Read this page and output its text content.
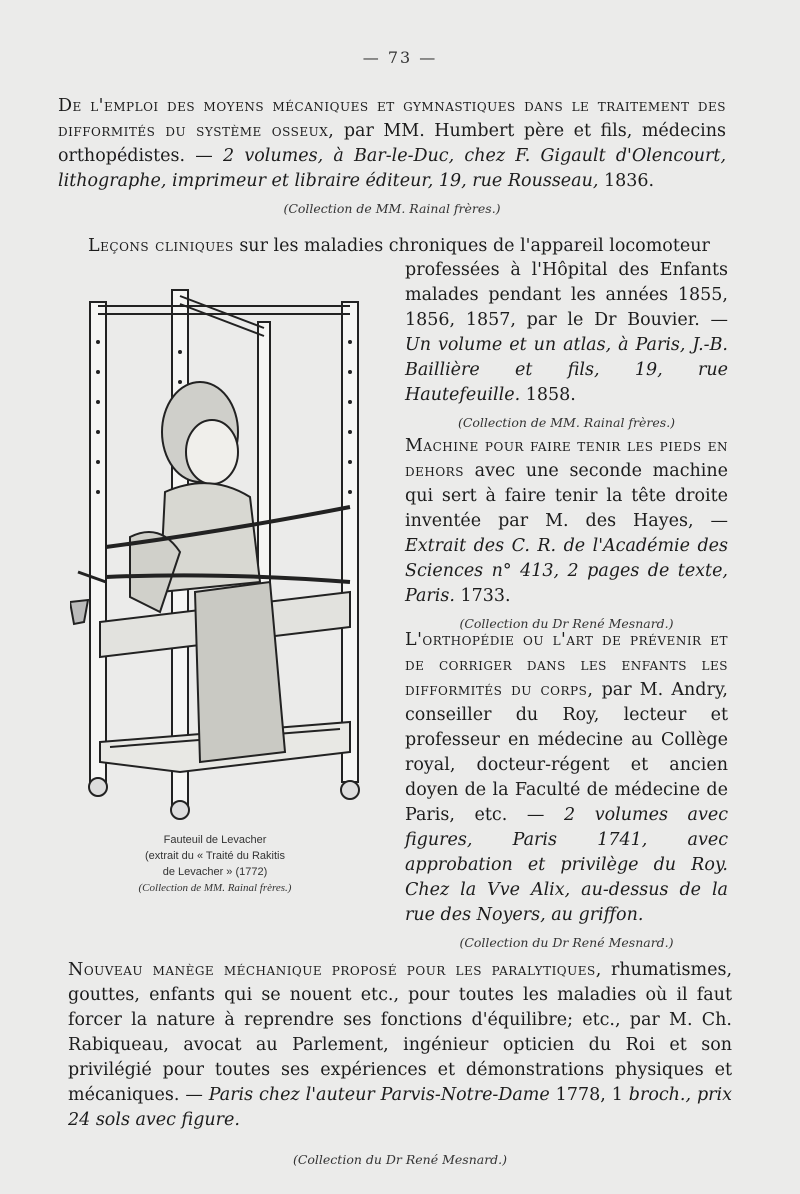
— 73 —

De l'emploi des moyens mécaniques et gymnastiques dans le traitement des difformités du système osseux, par MM. Humbert père et fils, médecins orthopédistes. — 2 volumes, à Bar-le-Duc, chez F. Gigault d'Olencourt, lithographe, imprimeur et libraire éditeur, 19, rue Rousseau, 1836.

(Collection de MM. Rainal frères.)

Leçons cliniques sur les maladies chroniques de l'appareil locomoteur

professées à l'Hôpital des Enfants malades pendant les années 1855, 1856, 1857, par le Dr Bouvier. — Un volume et un atlas, à Paris, J.-B. Baillière et fils, 19, rue Hautefeuille. 1858.

(Collection de MM. Rainal frères.)

Machine pour faire tenir les pieds en dehors avec une seconde machine qui sert à faire tenir la tête droite inventée par M. des Hayes, — Extrait des C. R. de l'Académie des Sciences n° 413, 2 pages de texte, Paris. 1733.

(Collection du Dr René Mesnard.)

L'orthopédie ou l'art de prévenir et de corriger dans les enfants les difformités du corps, par M. Andry, conseiller du Roy, lecteur et professeur en médecine au Collège royal, docteur-régent et ancien doyen de la Faculté de médecine de Paris, etc. — 2 volumes avec figures, Paris 1741, avec approbation et privilège du Roy. Chez la Vve Alix, au-dessus de la rue des Noyers, au griffon.

(Collection du Dr René Mesnard.)
Fauteuil de Levacher
(extrait du « Traité du Rakitis
de Levacher » (1772)
(Collection de MM. Rainal frères.)

Nouveau manège méchanique proposé pour les paralytiques, rhumatismes, gouttes, enfants qui se nouent etc., pour toutes les maladies où il faut forcer la nature à reprendre ses fonctions d'équilibre; etc., par M. Ch. Rabiqueau, avocat au Parlement, ingénieur opticien du Roi et son privilégié pour toutes ses expériences et démonstrations physiques et mécaniques. — Paris chez l'auteur Parvis-Notre-Dame 1778, 1 broch., prix 24 sols avec figure.

(Collection du Dr René Mesnard.)
